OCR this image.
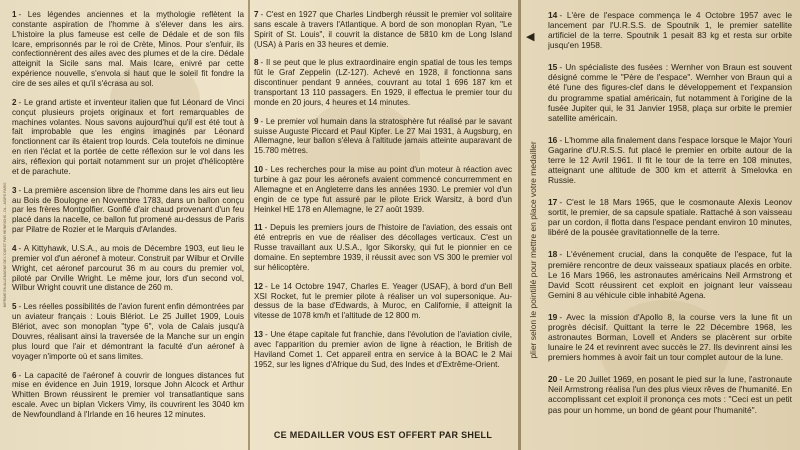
IMPRIME EN ALLEMAGNE DE L'OUEST PAR HEINRICHS - DL - AGIPS PARIS
1 - Les légendes anciennes et la mythologie reflètent la constante aspiration de l'homme à s'élever dans les airs. L'histoire la plus fameuse est celle de Dédale et de son fils Icare, emprisonnés par le roi de Crète, Minos. Pour s'enfuir, ils confectionnèrent des ailes avec des plumes et de la cire. Dédale atteignit la Sicile sans mal. Mais Icare, enivré par cette expérience nouvelle, s'envola si haut que le soleil fit fondre la cire de ses ailes et qu'il s'écrasa au sol.
2 - Le grand artiste et inventeur italien que fut Léonard de Vinci conçut plusieurs projets originaux et fort remarquables de machines volantes. Nous savons aujourd'hui qu'il est été tout à fait improbable que les engins imaginés par Léonard fonctionnent car ils étaient trop lourds. Cela toutefois ne diminue en rien l'éclat et la portée de cette réflexion sur le vol dans les airs, réflexion qui portait notamment sur un projet d'hélicoptère et de parachute.
3 - La première ascension libre de l'homme dans les airs eut lieu au Bois de Boulogne en Novembre 1783, dans un ballon conçu par les frères Montgolfier. Gonflé d'air chaud provenant d'un feu placé dans la nacelle, ce ballon fut promené au-dessus de Paris par Pilatre de Rozier et le Marquis d'Arlandes.
4 - A Kittyhawk, U.S.A., au mois de Décembre 1903, eut lieu le premier vol d'un aéronef à moteur. Construit par Wilbur et Orville Wright, cet aéronef parcourut 36 m au cours du premier vol, piloté par Orville Wright. Le même jour, lors d'un second vol, Wilbur Wright couvrit une distance de 260 m.
5 - Les réelles possibilités de l'avion furent enfin démontrées par un aviateur français : Louis Blériot. Le 25 Juillet 1909, Louis Blériot, avec son monoplan "type 6", vola de Calais jusqu'à Douvres, réalisant ainsi la traversée de la Manche sur un engin plus lourd que l'air et démontrant la faculté d'un aéronef à voyager n'importe où et sans limites.
6 - La capacité de l'aéronef à couvrir de longues distances fut mise en évidence en Juin 1919, lorsque John Alcock et Arthur Whitten Brown réussirent le premier vol transatlantique sans escale. Avec un biplan Vickers Vimy, ils couvrirent les 3040 km de Newfoundland à l'Irlande en 16 heures 12 minutes.
7 - C'est en 1927 que Charles Lindbergh réussit le premier vol solitaire sans escale à travers l'Atlantique. A bord de son monoplan Ryan, "Le Spirit of St. Louis", il couvrit la distance de 5810 km de Long Island (USA) à Paris en 33 heures et demie.
8 - Il se peut que le plus extraordinaire engin spatial de tous les temps fût le Graf Zeppelin (LZ-127). Achevé en 1928, il fonctionna sans discontinuer pendant 9 années, couvrant au total 1 696 187 km et transportant 13 110 passagers. En 1929, il effectua le premier tour du monde en 20 jours, 4 heures et 14 minutes.
9 - Le premier vol humain dans la stratosphère fut réalisé par le savant suisse Auguste Piccard et Paul Kipfer. Le 27 Mai 1931, à Augsburg, en Allemagne, leur ballon s'éleva à l'altitude jamais atteinte auparavant de 15.780 mètres.
10 - Les recherches pour la mise au point d'un moteur à réaction avec turbine à gaz pour les aéronefs avaient commencé concurremment en Allemagne et en Angleterre dans les années 1930. Le premier vol d'un engin de ce type fut assuré par le pilote Erick Warsitz, à bord d'un Heinkel HE 178 en Allemagne, le 27 août 1939.
11 - Depuis les premiers jours de l'histoire de l'aviation, des essais ont été entrepris en vue de réaliser des décollages verticaux. C'est un Russe travaillant aux U.S.A., Igor Sikorsky, qui fut le pionnier en ce domaine. En septembre 1939, il réussit avec son VS 300 le premier vol sur hélicoptère.
12 - Le 14 Octobre 1947, Charles E. Yeager (USAF), à bord d'un Bell XSI Rocket, fut le premier pilote à réaliser un vol supersonique. Au-dessus de la base d'Edwards, à Muroc, en Californie, il atteignit la vitesse de 1078 km/h et l'altitude de 12 800 m.
13 - Une étape capitale fut franchie, dans l'évolution de l'aviation civile, avec l'apparition du premier avion de ligne à réaction, le British de Haviland Comet 1. Cet appareil entra en service à la BOAC le 2 Mai 1952, sur les lignes d'Afrique du Sud, des Indes et d'Extrême-Orient.
CE MEDAILLER VOUS EST OFFERT PAR SHELL
◀
plier selon le pointillé pour mettre en place votre medailler
14 - L'ère de l'espace commença le 4 Octobre 1957 avec le lancement par l'U.R.S.S. de Spoutnik 1, le premier satellite artificiel de la terre. Spoutnik 1 pesait 83 kg et resta sur orbite jusqu'en 1958.
15 - Un spécialiste des fusées : Wernher von Braun est souvent désigné comme le "Père de l'espace". Wernher von Braun qui a été l'une des figures-clef dans le développement et l'expansion du programme spatial américain, fut notamment à l'origine de la fusée Jupiter qui, le 31 Janvier 1958, plaça sur orbite le premier satellite américain.
16 - L'homme alla finalement dans l'espace lorsque le Major Youri Gagarine d'U.R.S.S. fut placé le premier en orbite autour de la terre le 12 Avril 1961. Il fit le tour de la terre en 108 minutes, atteignant une altitude de 300 km et atterrit à Smelovka en Russie.
17 - C'est le 18 Mars 1965, que le cosmonaute Alexis Leonov sortit, le premier, de sa capsule spatiale. Rattaché à son vaisseau par un cordon, il flotta dans l'espace pendant environ 10 minutes, libéré de la pousée gravitationnelle de la terre.
18 - L'événement crucial, dans la conquête de l'espace, fut la première rencontre de deux vaisseaux spatiaux placés en orbite. Le 16 Mars 1966, les astronautes américains Neil Armstrong et David Scott réussirent cet exploit en joignant leur vaisseau Gemini 8 au véhicule cible inhabité Agena.
19 - Avec la mission d'Apollo 8, la course vers la lune fit un progrès décisif. Quittant la terre le 22 Décembre 1968, les astronautes Borman, Lovell et Anders se placèrent sur orbite lunaire le 24 et revinrent avec succès le 27. Ils devinrent ainsi les premiers hommes à avoir fait un tour complet autour de la lune.
20 - Le 20 Juillet 1969, en posant le pied sur la lune, l'astronaute Neil Armstrong réalisa l'un des plus vieux rêves de l'humanité. En accomplissant cet exploit il prononça ces mots : "Ceci est un petit pas pour un homme, un bond de géant pour l'humanité".
